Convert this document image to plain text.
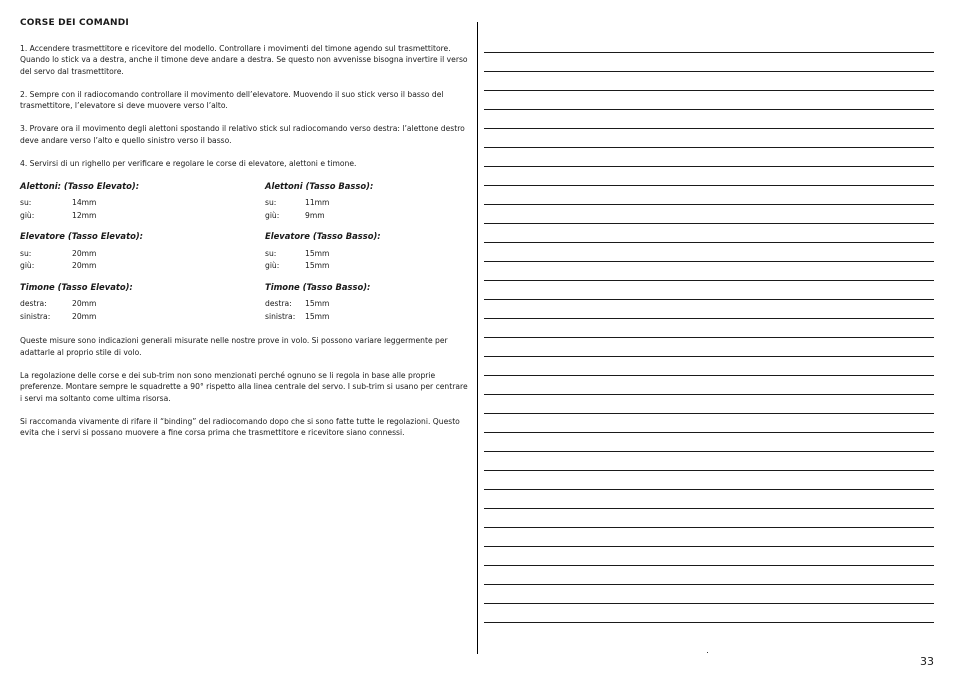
CORSE DEI COMANDI

1. Accendere trasmettitore e ricevitore del modello. Controllare i movimenti del timone agendo sul trasmettitore. Quando lo stick va a destra, anche il timone deve andare a destra. Se questo non avvenisse bisogna invertire il verso del servo dal trasmettitore.

2. Sempre con il radiocomando controllare il movimento dell’elevatore. Muovendo il suo stick verso il basso del trasmettitore, l’elevatore si deve muovere verso l’alto.

3. Provare ora il movimento degli alettoni spostando il relativo stick sul radiocomando verso destra: l’alettone destro deve andare verso l’alto e quello sinistro verso il basso.

4. Servirsi di un righello per verificare e regolare le corse di elevatore, alettoni e timone.

Alettoni: (Tasso Elevato):
su:	14mm
giù:	12mm
Alettoni (Tasso Basso):
su:	11mm
giù:	9mm
Elevatore (Tasso Elevato):
su:	20mm
giù:	20mm
Elevatore (Tasso Basso):
su:	15mm
giù:	15mm
Timone (Tasso Elevato):
destra:	20mm
sinistra:	20mm
Timone (Tasso Basso):
destra:	15mm
sinistra:	15mm

Queste misure sono indicazioni generali misurate nelle nostre prove in volo. Si possono variare leggermente per adattarle al proprio stile di volo.

La regolazione delle corse e dei sub-trim non sono menzionati perché ognuno se li regola in base alle proprie preferenze. Montare sempre le squadrette a 90° rispetto alla linea centrale del servo. I sub-trim si usano per centrare i servi ma soltanto come ultima risorsa.

Si raccomanda vivamente di rifare il “binding” del radiocomando dopo che si sono fatte tutte le regolazioni. Questo evita che i servi si possano muovere a fine corsa prima che trasmettitore e ricevitore siano connessi.

33
